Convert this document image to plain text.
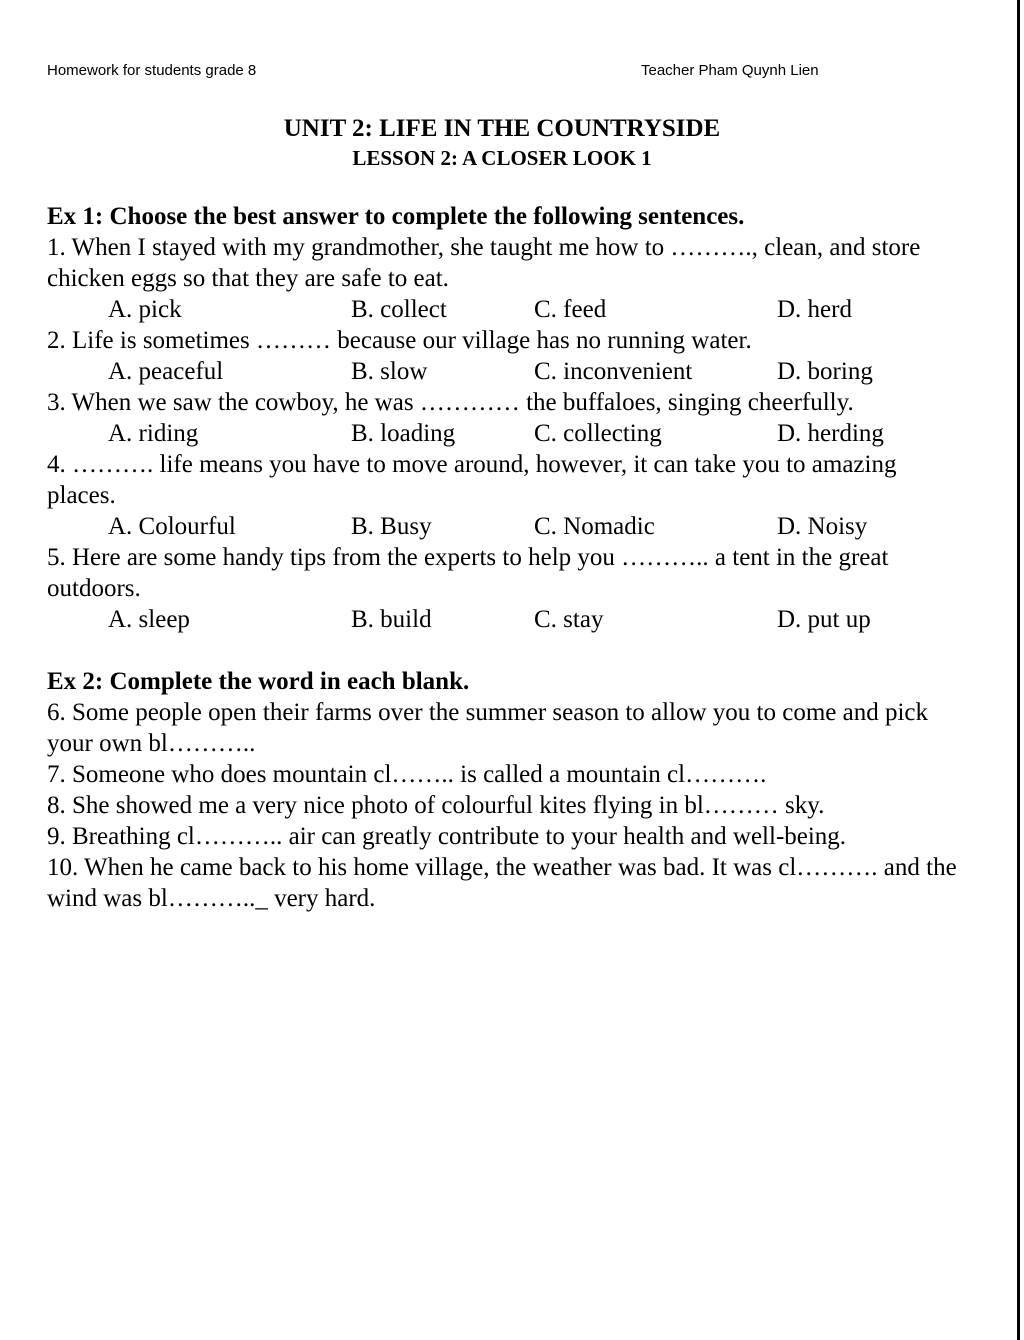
Homework for students grade 8	Teacher Pham Quynh Lien
UNIT 2: LIFE IN THE COUNTRYSIDE
LESSON 2: A CLOSER LOOK 1
Ex 1: Choose the best answer to complete the following sentences.

1. When I stayed with my grandmother, she taught me how to ………., clean, and store chicken eggs so that they are safe to eat.

A. pick	B. collect	C. feed	D. herd

2. Life is sometimes ……… because our village has no running water.

A. peaceful	B. slow	C. inconvenient	D. boring

3. When we saw the cowboy, he was ………… the buffaloes, singing cheerfully.

A. riding	B. loading	C. collecting	D. herding

4. ………. life means you have to move around, however, it can take you to amazing places.

A. Colourful	B. Busy	C. Nomadic	D. Noisy

5. Here are some handy tips from the experts to help you ……….. a tent in the great outdoors.

A. sleep	B. build	C. stay	D. put up
Ex 2: Complete the word in each blank.

6. Some people open their farms over the summer season to allow you to come and pick your own bl………..

7. Someone who does mountain cl…….. is called a mountain cl……….

8. She showed me a very nice photo of colourful kites flying in bl……… sky.

9. Breathing cl……….. air can greatly contribute to your health and well-being.

10. When he came back to his home village, the weather was bad. It was cl………. and the wind was bl……….._ very hard.
